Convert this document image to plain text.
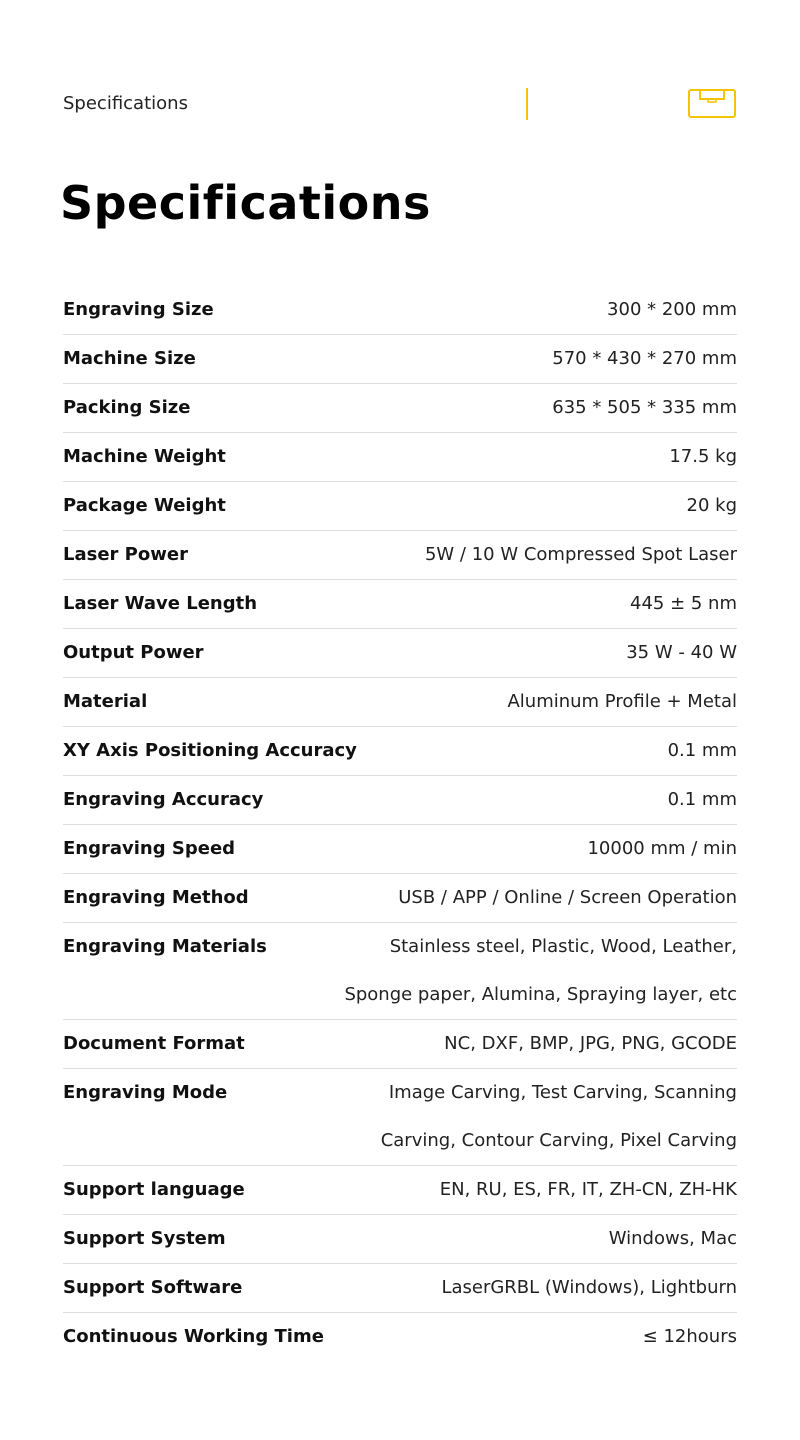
Specifications
Specifications
Engraving Size	300 * 200 mm
Machine Size	570 * 430 * 270 mm
Packing Size	635 * 505 * 335 mm
Machine Weight	17.5 kg
Package Weight	20 kg
Laser Power	5W / 10 W Compressed Spot Laser
Laser Wave Length	445 ± 5 nm
Output Power	35 W - 40 W
Material	Aluminum Profile + Metal
XY Axis Positioning Accuracy	0.1 mm
Engraving Accuracy	0.1 mm
Engraving Speed	10000 mm / min
Engraving Method	USB / APP / Online / Screen Operation
Engraving Materials	Stainless steel, Plastic, Wood, Leather,
Sponge paper, Alumina, Spraying layer, etc
Document Format	NC, DXF, BMP, JPG, PNG, GCODE
Engraving Mode	Image Carving, Test Carving, Scanning
Carving, Contour Carving, Pixel Carving
Support language	EN, RU, ES, FR, IT, ZH-CN, ZH-HK
Support System	Windows, Mac
Support Software	LaserGRBL (Windows), Lightburn
Continuous Working Time	≤ 12hours
